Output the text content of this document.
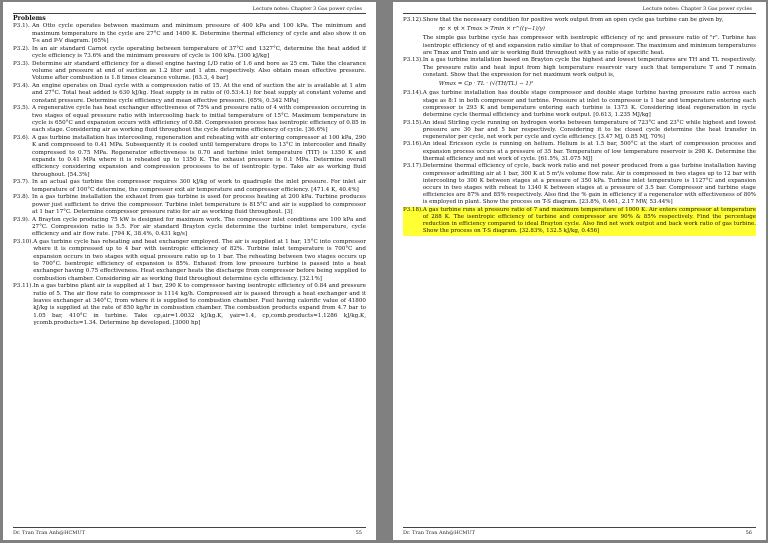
Lecture notes: Chapter 3 Gas power cycles
Problems
P3.1). An Otto cycle operates between maximum and minimum pressure of 400 kPa and 100 kPa. The minimum and maximum temperature in the cycle are 27°C and 1400 K. Determine thermal efficiency of cycle and also show it on T-s and P-V diagram. [65%]
P3.2). In an air standard Carnot cycle operating between temperature of 37°C and 1327°C, determine the heat added if cycle efficiency is 73.6% and the minimum pressure of cycle is 100 kPa. [300 kJ/kg]
P3.3). Determine air standard efficiency for a diesel engine having L/D ratio of 1.6 and bore as 25 cm. Take the clearance volume and pressure at end of suction as 1.2 liter and 1 atm. respectively. Also obtain mean effective pressure. Volume after combustion is 1.8 times clearance volume. [63.3, 4 bar]
P3.4). An engine operates on Dual cycle with a compression ratio of 15. At the end of suction the air is available at 1 atm and 27°C. Total heat added is 630 kJ/kg. Heat supply is in ratio of (0.53:4.1) for heat supply at constant volume and constant pressure. Determine cycle efficiency and mean effective pressure. [65%, 0.342 MPa]
P3.5). A regenerative cycle has heat exchanger effectiveness of 75% and pressure ratio of 4 with compression occurring in two stages of equal pressure ratio with intercooling back to initial temperature of 15°C. Maximum temperature in cycle is 650°C and expansion occurs with efficiency of 0.88. Compression process has isentropic efficiency of 0.85 in each stage. Considering air as working fluid throughout the cycle determine efficiency of cycle. [36.6%]
P3.6). A gas turbine installation has intercooling, regeneration and reheating with air entering compressor at 100 kPa, 290 K and compressed to 0.41 MPa. Subsequently it is cooled until temperature drops to 13°C in intercooler and finally compressed to 0.75 MPa. Regenerator effectiveness is 0.70 and turbine inlet temperature (TIT) is 1350 K and expands to 0.41 MPa where it is reheated up to 1350 K. The exhaust pressure is 0.1 MPa. Determine overall efficiency considering expansion and compression processes to be of isentropic type. Take air as working fluid throughout. [54.3%]
P3.7). In an actual gas turbine the compressor requires 300 kJ/kg of work to quadruple the inlet pressure. For inlet air temperature of 100°C determine, the compressor exit air temperature and compressor efficiency. [471.4 K, 40.4%]
P3.8). In a gas turbine installation the exhaust from gas turbine is used for process heating at 200 kPa. Turbine produces power just sufficient to drive the compressor. Turbine inlet temperature is 815°C and air is supplied to compressor at 1 bar 17°C. Determine compressor pressure ratio for air as working fluid throughout. [3]
P3.9). A Brayton cycle producing 75 kW is designed for maximum work. The compressor inlet conditions are 100 kPa and 27°C. Compression ratio is 5.5. For air standard Brayton cycle determine the turbine inlet temperature, cycle efficiency and air flow rate. [794 K, 38.4%, 0.431 kg/s]
P3.10). A gas turbine cycle has reheating and heat exchanger employed. The air is supplied at 1 bar, 15°C into compressor where it is compressed up to 4 bar with isentropic efficiency of 82%. Turbine inlet temperature is 700°C and expansion occurs in two stages with equal pressure ratio up to 1 bar. The reheating between two stages occurs up to 700°C. Isentropic efficiency of expansion is 85%. Exhaust from low pressure turbine is passed into a heat exchanger having 0.75 effectiveness. Heat exchanger heats the discharge from compressor before being supplied to combustion chamber. Considering air as working fluid throughout determine cycle efficiency. [32.1%]
P3.11). In a gas turbine plant air is supplied at 1 bar, 290 K to compressor having isentropic efficiency of 0.84 and pressure ratio of 5. The air flow rate to compressor is 1114 kg/h. Compressed air is passed through a heat exchanger and it leaves exchanger at 340°C, from where it is supplied to combustion chamber. Fuel having calorific value of 41800 kJ/kg is supplied at the rate of 850 kg/hr in combustion chamber. The combustion products expand from 4.7 bar to 1.05 bar, 410°C in turbine. Take cp,air=1.0032 kJ/kg.K, γair=1.4, cp,comb.products=1.1286 kJ/kg.K, γcomb.products=1.34. Determine hp developed. [3000 hp]
Dr. Tran Tran Anh@HCMUT	55
Lecture notes: Chapter 3 Gas power cycles
P3.12). Show that the necessary condition for positive work output from an open cycle gas turbine can be given by,
ηc × ηt × Tmax > Tmin × r^((γ−1)/γ)
The simple gas turbine cycle has compressor with isentropic efficiency of ηc and pressure ratio of "r". Turbine has isentropic efficiency of ηt and expansion ratio similar to that of compressor. The maximum and minimum temperatures are Tmax and Tmin and air is working fluid throughout with γ as ratio of specific heat.
P3.13). In a gas turbine installation based on Brayton cycle the highest and lowest temperatures are TH and TL respectively. The pressure ratio and heat input from high temperature reservoir vary such that temperature T and T remain constant. Show that the expression for net maximum work output is,
Wmax = Cp · TL · (√(TH/TL) − 1)²
P3.14). A gas turbine installation has double stage compressor and double stage turbine having pressure ratio across each stage as 8:1 in both compressor and turbine. Pressure at inlet to compressor is 1 bar and temperature entering each compressor is 293 K and temperature entering each turbine is 1373 K. Considering ideal regeneration in cycle determine cycle thermal efficiency and turbine work output. [0.613, 1.235 MJ/kg]
P3.15). An ideal Stirling cycle running on hydrogen works between temperature of 723°C and 23°C while highest and lowest pressure are 30 bar and 5 bar respectively. Considering it to be closed cycle determine the heat transfer in regenerator per cycle, net work per cycle and cycle efficiency. [3.47 MJ, 0.85 MJ, 70%]
P3.16). An ideal Ericsson cycle is running on helium. Helium is at 1.5 bar, 500°C at the start of compression process and expansion process occurs at a pressure of 35 bar. Temperature of low temperature reservoir is 298 K. Determine the thermal efficiency and net work of cycle. [61.5%, 31.075 MJ]
P3.17). Determine thermal efficiency of cycle, back work ratio and net power produced from a gas turbine installation having compressor admitting air at 1 bar, 300 K at 5 m³/s volume flow rate. Air is compressed in two stages up to 12 bar with intercooling to 300 K between stages at a pressure of 350 kPa. Turbine inlet temperature is 1127°C and expansion occurs in two stages with reheat to 1340 K between stages at a pressure of 3.5 bar. Compressor and turbine stage efficiencies are 87% and 85% respectively. Also find the % gain in efficiency if a regenerator with effectiveness of 80% is employed in plant. Show the process on T-S diagram. [23.8%, 0.461, 2.17 MW, 53.44%]
P3.18). A gas turbine runs at pressure ratio of 7 and maximum temperature of 1000 K. Air enters compressor at temperature of 288 K. The isentropic efficiency of turbine and compressor are 90% & 85% respectively. Find the percentage reduction in efficiency compared to ideal Brayton cycle. Also find net work output and back work ratio of gas turbine. Show the process on T-S diagram. [32.83%, 132.5 kJ/kg, 0.456]
Dr. Tran Tran Anh@HCMUT	56
